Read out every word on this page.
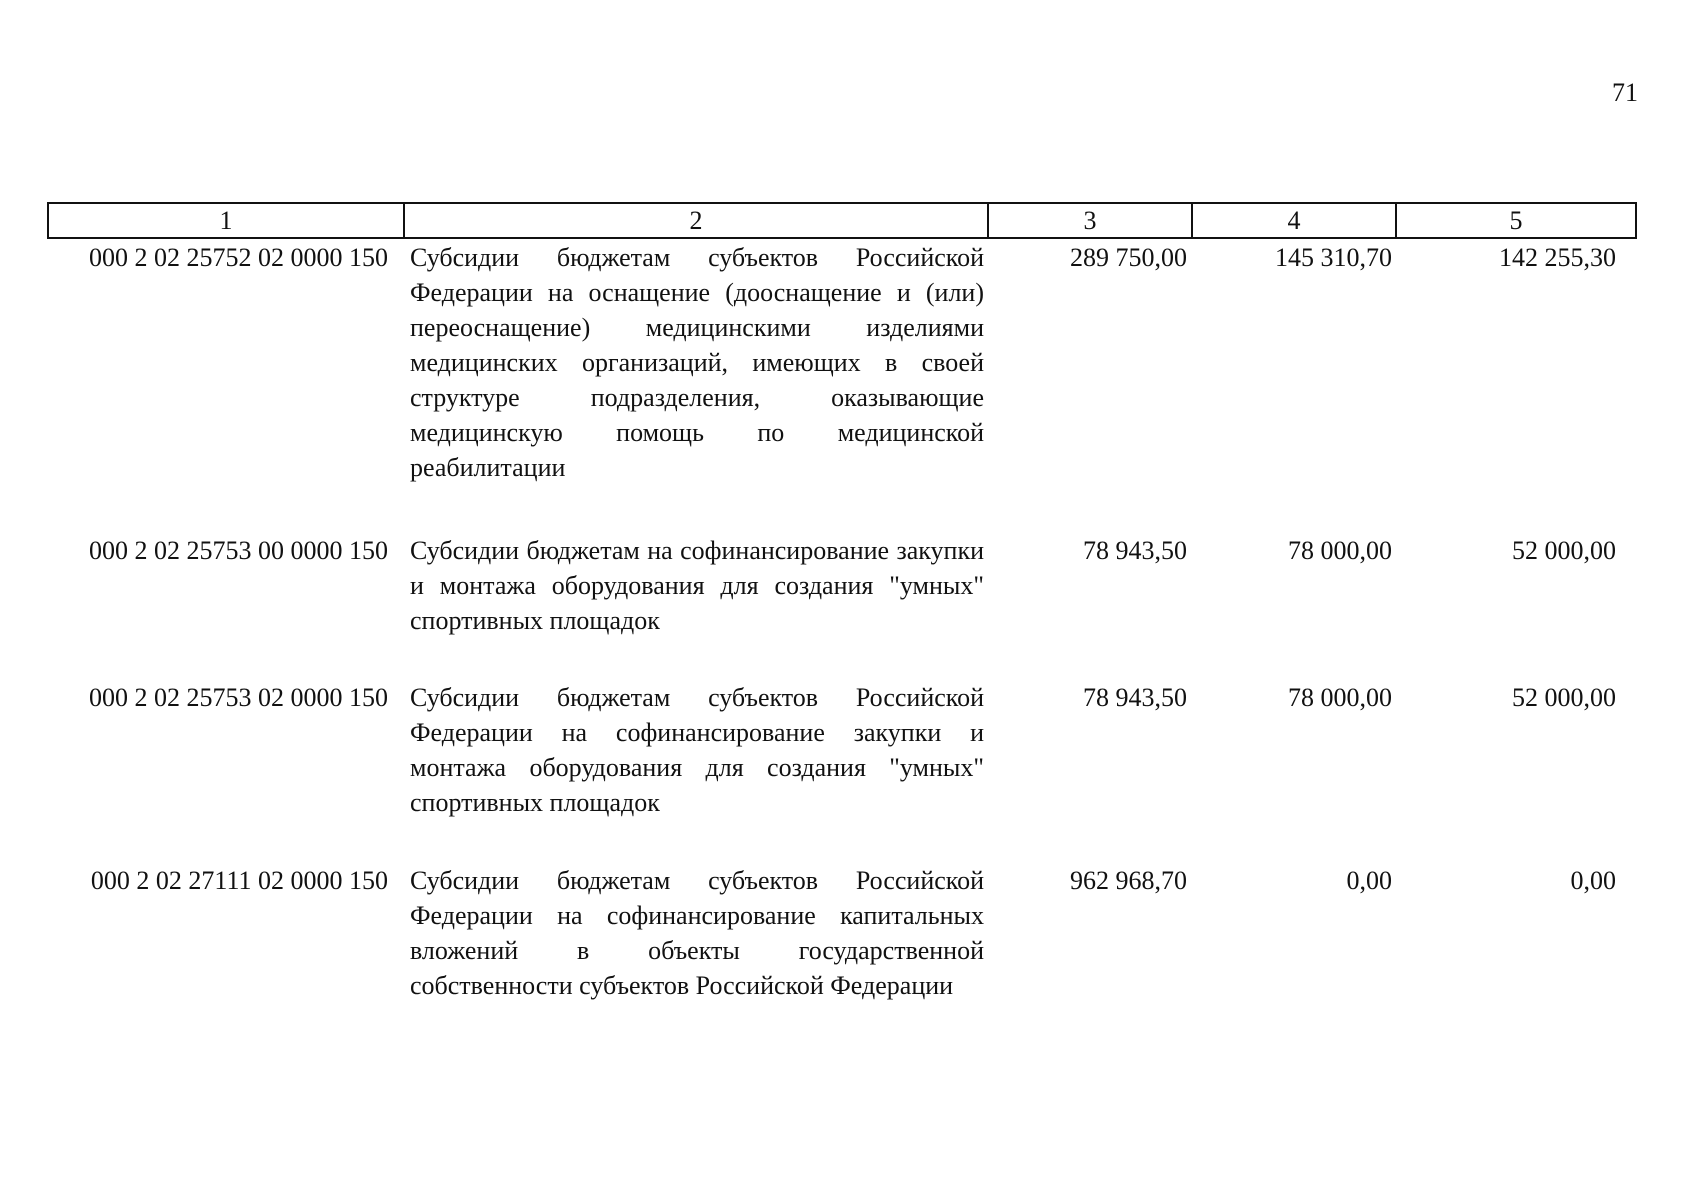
71
1	2	3	4	5
000 2 02 25752 02 0000 150	Субсидии бюджетам субъектов Российской Федерации на оснащение (дооснащение и (или) переоснащение) медицинскими изделиями медицинских организаций, имеющих в своей структуре подразделения, оказывающие медицинскую помощь по медицинской реабилитации	289 750,00	145 310,70	142 255,30
000 2 02 25753 00 0000 150	Субсидии бюджетам на софинансирование закупки и монтажа оборудования для создания "умных" спортивных площадок	78 943,50	78 000,00	52 000,00
000 2 02 25753 02 0000 150	Субсидии бюджетам субъектов Российской Федерации на софинансирование закупки и монтажа оборудования для создания "умных" спортивных площадок	78 943,50	78 000,00	52 000,00
000 2 02 27111 02 0000 150	Субсидии бюджетам субъектов Российской Федерации на софинансирование капитальных вложений в объекты государственной собственности субъектов Российской Федерации	962 968,70	0,00	0,00
